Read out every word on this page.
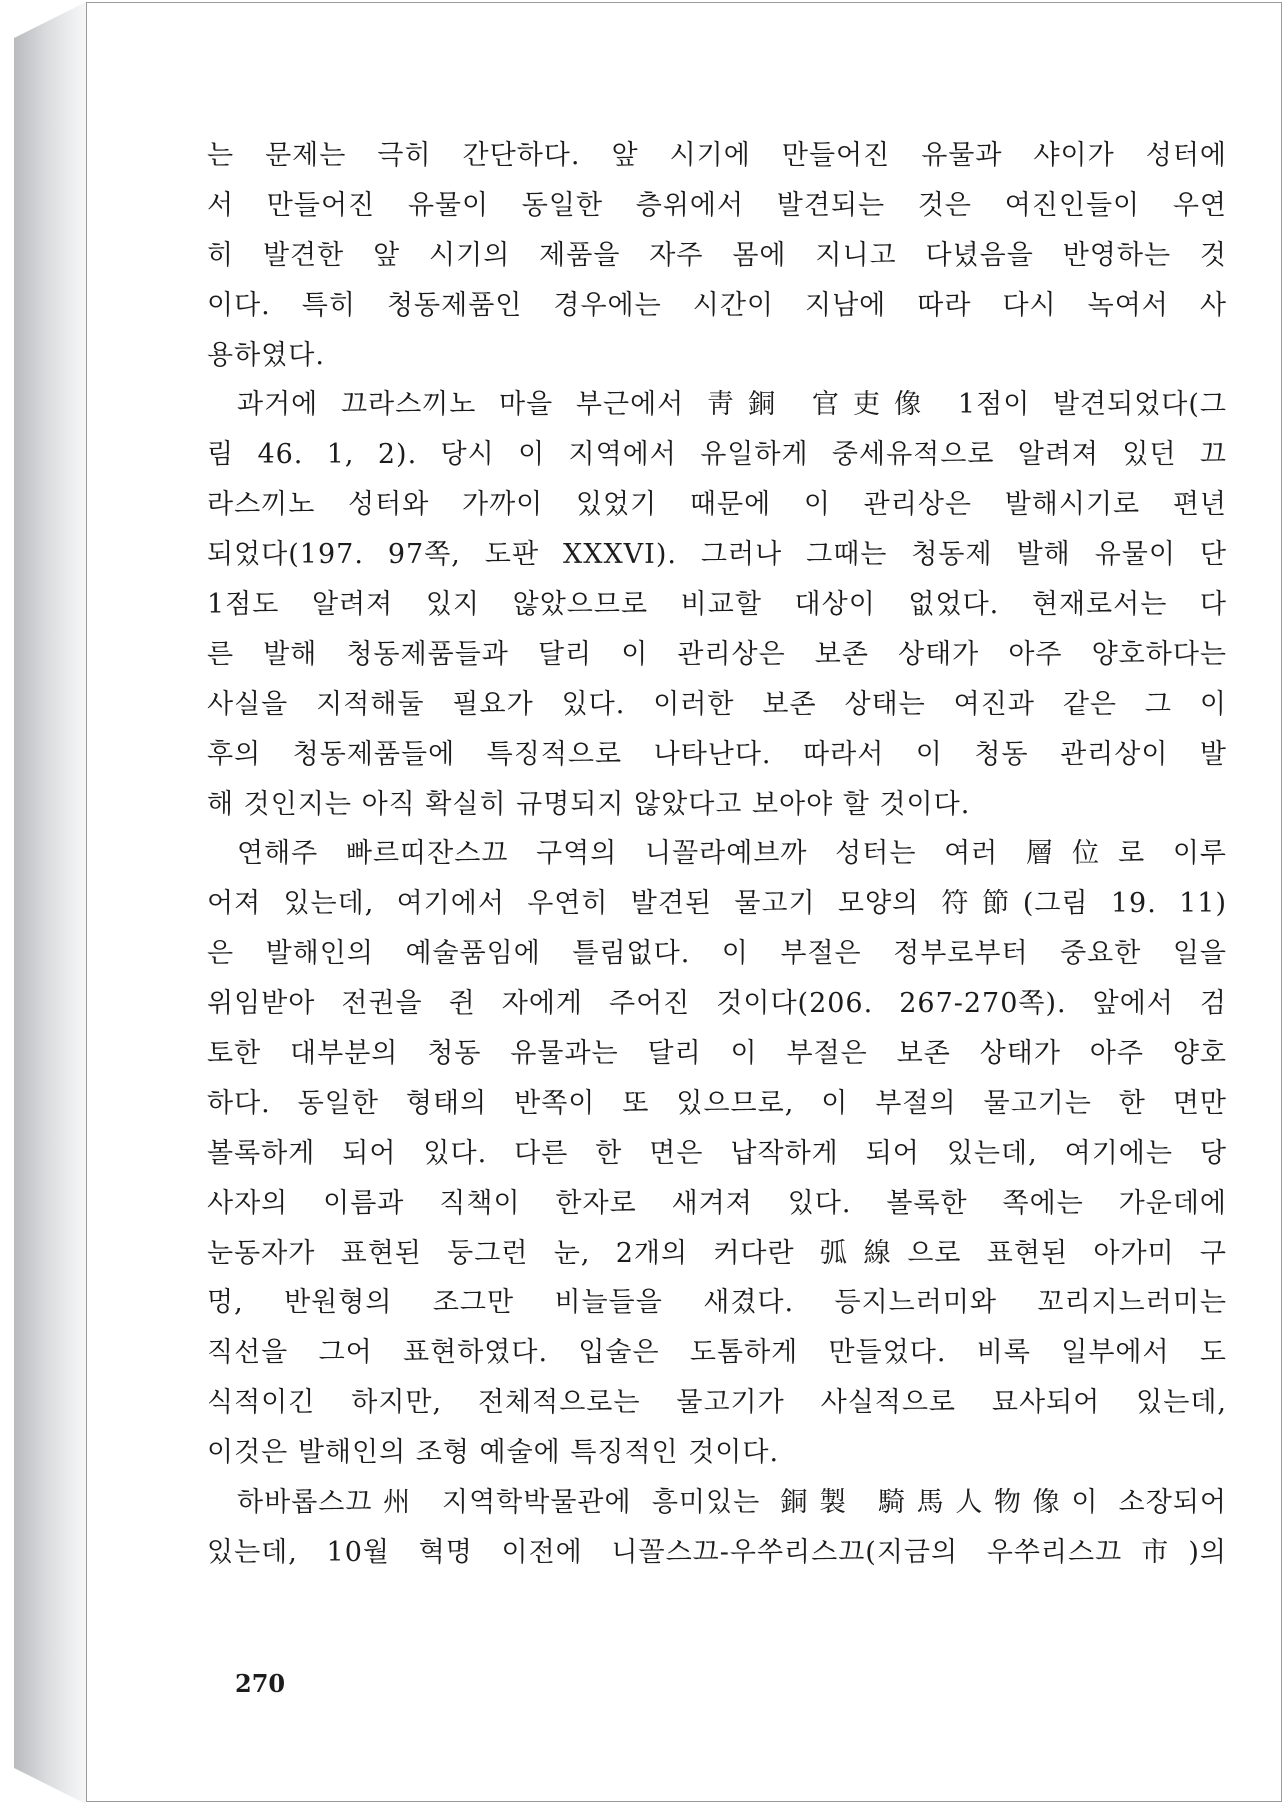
는 문제는 극히 간단하다. 앞 시기에 만들어진 유물과 샤이가 성터에
서 만들어진 유물이 동일한 층위에서 발견되는 것은 여진인들이 우연
히 발견한 앞 시기의 제품을 자주 몸에 지니고 다녔음을 반영하는 것
이다. 특히 청동제품인 경우에는 시간이 지남에 따라 다시 녹여서 사
용하였다.
과거에 끄라스끼노 마을 부근에서 靑銅 官吏像 1점이 발견되었다(그
림 46. 1, 2). 당시 이 지역에서 유일하게 중세유적으로 알려져 있던 끄
라스끼노 성터와 가까이 있었기 때문에 이 관리상은 발해시기로 편년
되었다(197. 97쪽, 도판 XXXVI). 그러나 그때는 청동제 발해 유물이 단
1점도 알려져 있지 않았으므로 비교할 대상이 없었다. 현재로서는 다
른 발해 청동제품들과 달리 이 관리상은 보존 상태가 아주 양호하다는
사실을 지적해둘 필요가 있다. 이러한 보존 상태는 여진과 같은 그 이
후의 청동제품들에 특징적으로 나타난다. 따라서 이 청동 관리상이 발
해 것인지는 아직 확실히 규명되지 않았다고 보아야 할 것이다.
연해주 빠르띠잔스끄 구역의 니꼴라예브까 성터는 여러 層位로 이루
어져 있는데, 여기에서 우연히 발견된 물고기 모양의 符節(그림 19. 11)
은 발해인의 예술품임에 틀림없다. 이 부절은 정부로부터 중요한 일을
위임받아 전권을 쥔 자에게 주어진 것이다(206. 267-270쪽). 앞에서 검
토한 대부분의 청동 유물과는 달리 이 부절은 보존 상태가 아주 양호
하다. 동일한 형태의 반쪽이 또 있으므로, 이 부절의 물고기는 한 면만
볼록하게 되어 있다. 다른 한 면은 납작하게 되어 있는데, 여기에는 당
사자의 이름과 직책이 한자로 새겨져 있다. 볼록한 쪽에는 가운데에
눈동자가 표현된 둥그런 눈, 2개의 커다란 弧線으로 표현된 아가미 구
멍, 반원형의 조그만 비늘들을 새겼다. 등지느러미와 꼬리지느러미는
직선을 그어 표현하였다. 입술은 도톰하게 만들었다. 비록 일부에서 도
식적이긴 하지만, 전체적으로는 물고기가 사실적으로 묘사되어 있는데,
이것은 발해인의 조형 예술에 특징적인 것이다.
하바롭스끄州 지역학박물관에 흥미있는 銅製 騎馬人物像이 소장되어
있는데, 10월 혁명 이전에 니꼴스끄-우쑤리스끄(지금의 우쑤리스끄市)의
270
